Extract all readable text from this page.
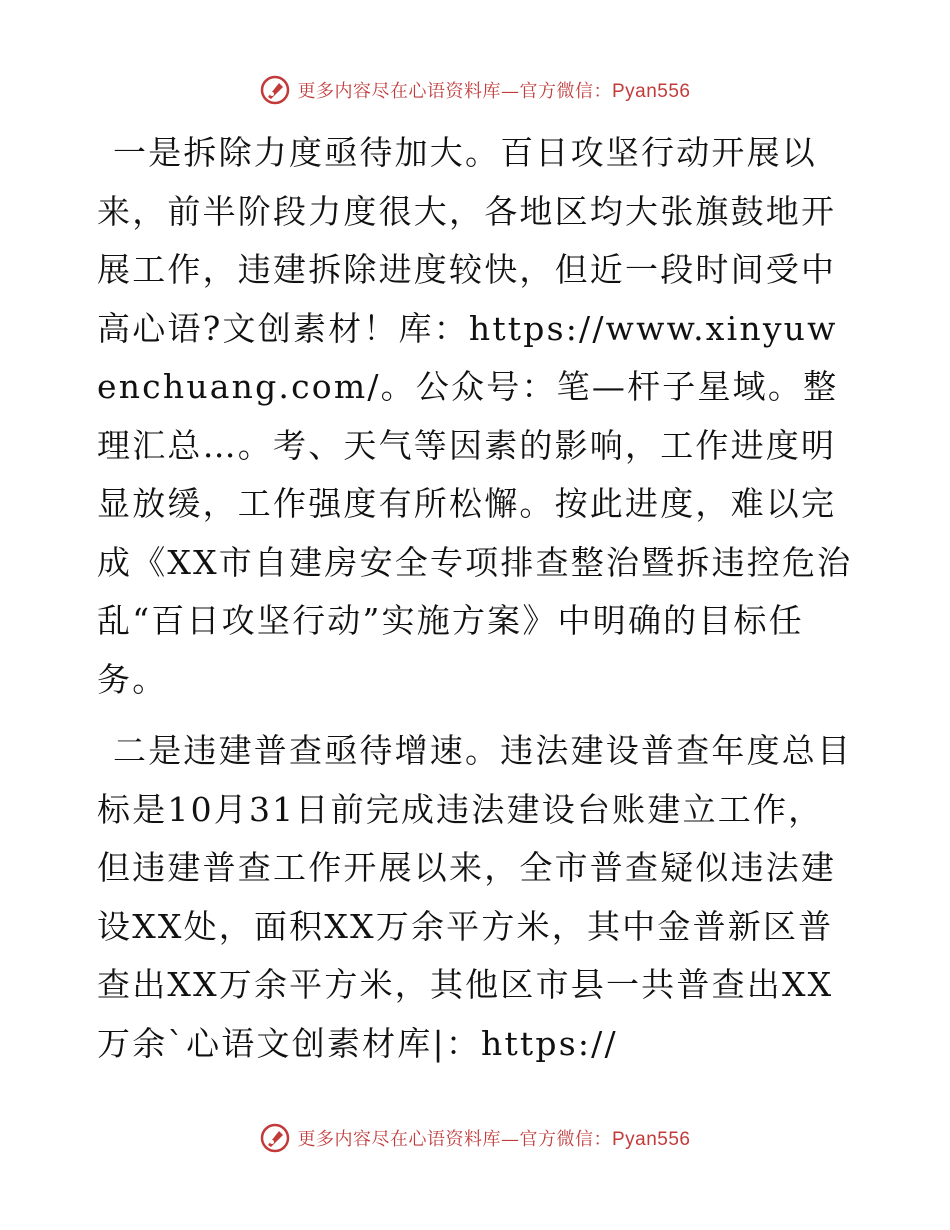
更多内容尽在心语资料库—官方微信：Pyan556

一是拆除力度亟待加大。百日攻坚行动开展以来，前半阶段力度很大，各地区均大张旗鼓地开展工作，违建拆除进度较快，但近一段时间受中高心语?文创素材！库：https://www.xinyuwenchuang.com/。公众号：笔—杆子星域。整理汇总…。考、天气等因素的影响，工作进度明显放缓，工作强度有所松懈。按此进度，难以完成《XX市自建房安全专项排查整治暨拆违控危治乱“百日攻坚行动”实施方案》中明确的目标任务。

二是违建普查亟待增速。违法建设普查年度总目标是10月31日前完成违法建设台账建立工作，但违建普查工作开展以来，全市普查疑似违法建设XX处，面积XX万余平方米，其中金普新区普查出XX万余平方米，其他区市县一共普查出XX万余`心语文创素材库|：https://

更多内容尽在心语资料库—官方微信：Pyan556
